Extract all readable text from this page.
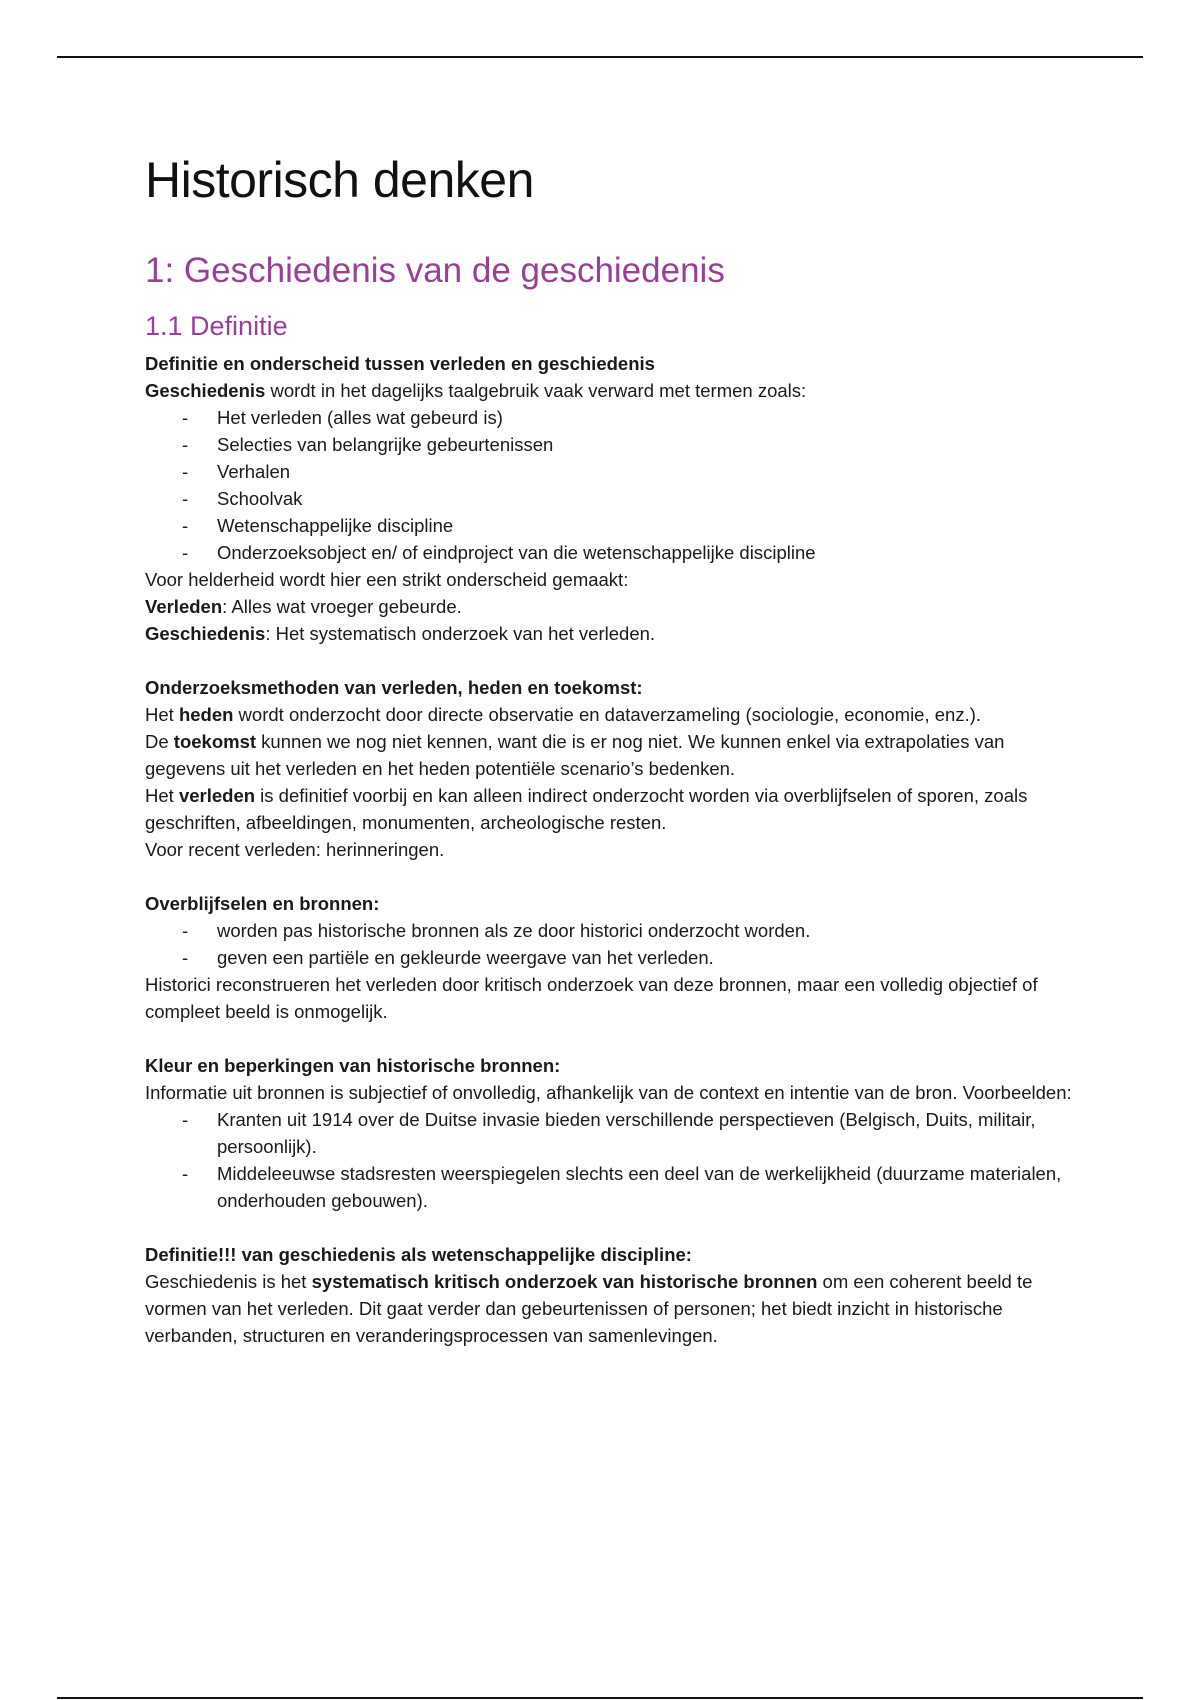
Historisch denken
1: Geschiedenis van de geschiedenis
1.1 Definitie
Definitie en onderscheid tussen verleden en geschiedenis

Geschiedenis wordt in het dagelijks taalgebruik vaak verward met termen zoals:

- Het verleden (alles wat gebeurd is)
- Selecties van belangrijke gebeurtenissen
- Verhalen
- Schoolvak
- Wetenschappelijke discipline
- Onderzoeksobject en/ of eindproject van die wetenschappelijke discipline

Voor helderheid wordt hier een strikt onderscheid gemaakt:

Verleden: Alles wat vroeger gebeurde.

Geschiedenis: Het systematisch onderzoek van het verleden.

Onderzoeksmethoden van verleden, heden en toekomst:

Het heden wordt onderzocht door directe observatie en dataverzameling (sociologie, economie, enz.).

De toekomst kunnen we nog niet kennen, want die is er nog niet. We kunnen enkel via extrapolaties van gegevens uit het verleden en het heden potentiële scenario’s bedenken.

Het verleden is definitief voorbij en kan alleen indirect onderzocht worden via overblijfselen of sporen, zoals geschriften, afbeeldingen, monumenten, archeologische resten.

Voor recent verleden: herinneringen.

Overblijfselen en bronnen:
- worden pas historische bronnen als ze door historici onderzocht worden.
- geven een partiële en gekleurde weergave van het verleden.

Historici reconstrueren het verleden door kritisch onderzoek van deze bronnen, maar een volledig objectief of compleet beeld is onmogelijk.

Kleur en beperkingen van historische bronnen:

Informatie uit bronnen is subjectief of onvolledig, afhankelijk van de context en intentie van de bron. Voorbeelden:

- Kranten uit 1914 over de Duitse invasie bieden verschillende perspectieven (Belgisch, Duits, militair, persoonlijk).
- Middeleeuwse stadsresten weerspiegelen slechts een deel van de werkelijkheid (duurzame materialen, onderhouden gebouwen).
Definitie!!! van geschiedenis als wetenschappelijke discipline:

Geschiedenis is het systematisch kritisch onderzoek van historische bronnen om een coherent beeld te vormen van het verleden. Dit gaat verder dan gebeurtenissen of personen; het biedt inzicht in historische verbanden, structuren en veranderingsprocessen van samenlevingen.
